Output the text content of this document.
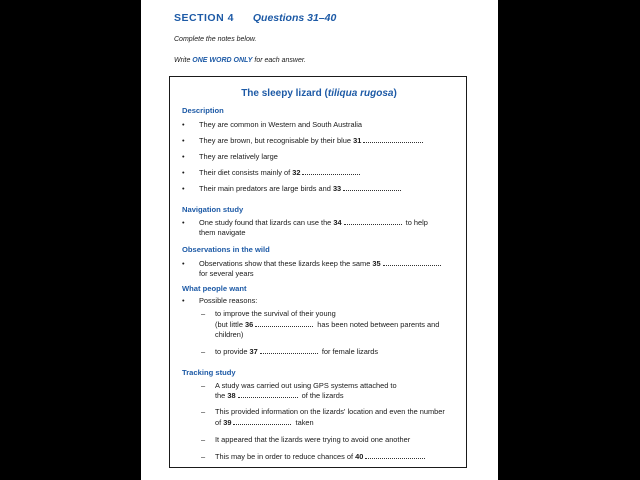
SECTION 4 Questions 31–40
Complete the notes below.
Write ONE WORD ONLY for each answer.
The sleepy lizard (tiliqua rugosa)
Description
• They are common in Western and South Australia
• They are brown, but recognisable by their blue 31
• They are relatively large
• Their diet consists mainly of 32
• Their main predators are large birds and 33
Navigation study
• One study found that lizards can use the 34	to help
them navigate
Observations in the wild
• Observations show that these lizards keep the same 35
for several years
What people want
• Possible reasons:
– to improve the survival of their young
(but little 36	has been noted between parents and
children)
– to provide 37	for female lizards
Tracking study
– A study was carried out using GPS systems attached to
the 38	of the lizards
– This provided information on the lizards' location and even the number
of 39	taken
– It appeared that the lizards were trying to avoid one another
– This may be in order to reduce chances of 40
